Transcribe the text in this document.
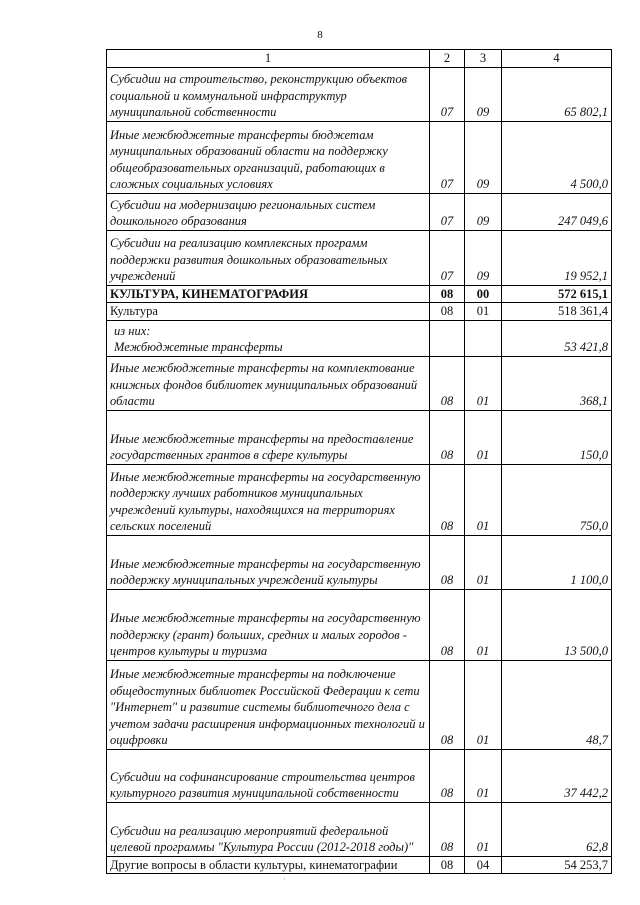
8
1	2	3	4
Субсидии на строительство, реконструкцию объектов социальной и коммунальной инфраструктур муниципальной собственности	07	09	65 802,1
Иные межбюджетные трансферты бюджетам муниципальных образований области на поддержку общеобразовательных организаций, работающих в сложных социальных условиях	07	09	4 500,0
Субсидии на модернизацию региональных систем дошкольного образования	07	09	247 049,6
Субсидии на реализацию комплексных программ поддержки развития дошкольных образовательных учреждений	07	09	19 952,1
КУЛЬТУРА, КИНЕМАТОГРАФИЯ	08	00	572 615,1
Культура	08	01	518 361,4

из них:
Межбюджетные трансферты			53 421,8
Иные межбюджетные трансферты на комплектование книжных фондов библиотек муниципальных образований области	08	01	368,1
Иные межбюджетные трансферты на предоставление государственных грантов в сфере культуры	08	01	150,0
Иные межбюджетные трансферты на государственную поддержку лучших работников муниципальных учреждений культуры, находящихся на территориях сельских поселений	08	01	750,0
Иные межбюджетные трансферты на государственную поддержку муниципальных учреждений культуры	08	01	1 100,0
Иные межбюджетные трансферты на государственную поддержку (грант) больших, средних и малых городов - центров культуры и туризма	08	01	13 500,0
Иные межбюджетные трансферты на подключение общедоступных библиотек Российской Федерации к сети "Интернет" и развитие системы библиотечного дела с учетом задачи расширения информационных технологий и оцифровки	08	01	48,7
Субсидии на софинансирование строительства центров культурного развития муниципальной собственности	08	01	37 442,2
Субсидии на реализацию мероприятий федеральной целевой программы "Культура России (2012-2018 годы)"	08	01	62,8
Другие вопросы в области культуры, кинематографии	08	04	54 253,7
·
